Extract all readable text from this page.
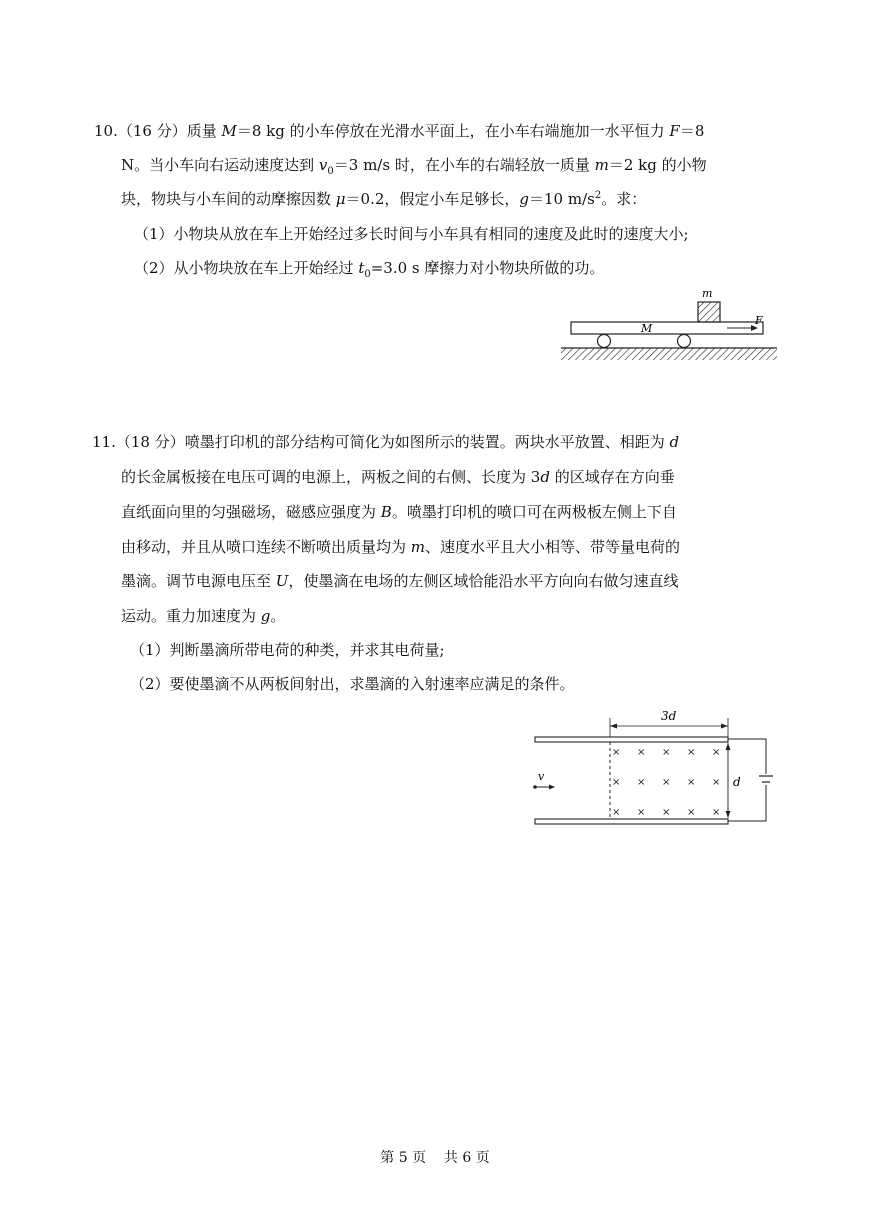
10.（16 分）质量 M＝8 kg 的小车停放在光滑水平面上，在小车右端施加一水平恒力 F＝8
N。当小车向右运动速度达到 $v_0=3$ m/s 时，在小车的右端轻放一质量 m＝2 kg 的小物
块，物块与小车间的动摩擦因数 μ＝0.2，假定小车足够长，g＝10 $m/s^2$。求：
（1）小物块从放在车上开始经过多长时间与小车具有相同的速度及此时的速度大小;
（2）从小物块放在车上开始经过 $t_0=3.0$ s 摩擦力对小物块所做的功。
m
M
F
11.（18 分）喷墨打印机的部分结构可简化为如图所示的装置。两块水平放置、相距为 d
的长金属板接在电压可调的电源上，两板之间的右侧、长度为 3d 的区域存在方向垂
直纸面向里的匀强磁场，磁感应强度为 B。喷墨打印机的喷口可在两极板左侧上下自
由移动，并且从喷口连续不断喷出质量均为 m、速度水平且大小相等、带等量电荷的
墨滴。调节电源电压至 U，使墨滴在电场的左侧区域恰能沿水平方向向右做匀速直线
运动。重力加速度为 g。
（1）判断墨滴所带电荷的种类，并求其电荷量;
（2）要使墨滴不从两板间射出，求墨滴的入射速率应满足的条件。
3d
d
v
× × × × ×
× × × × ×
× × × × ×
第 5 页 共 6 页
